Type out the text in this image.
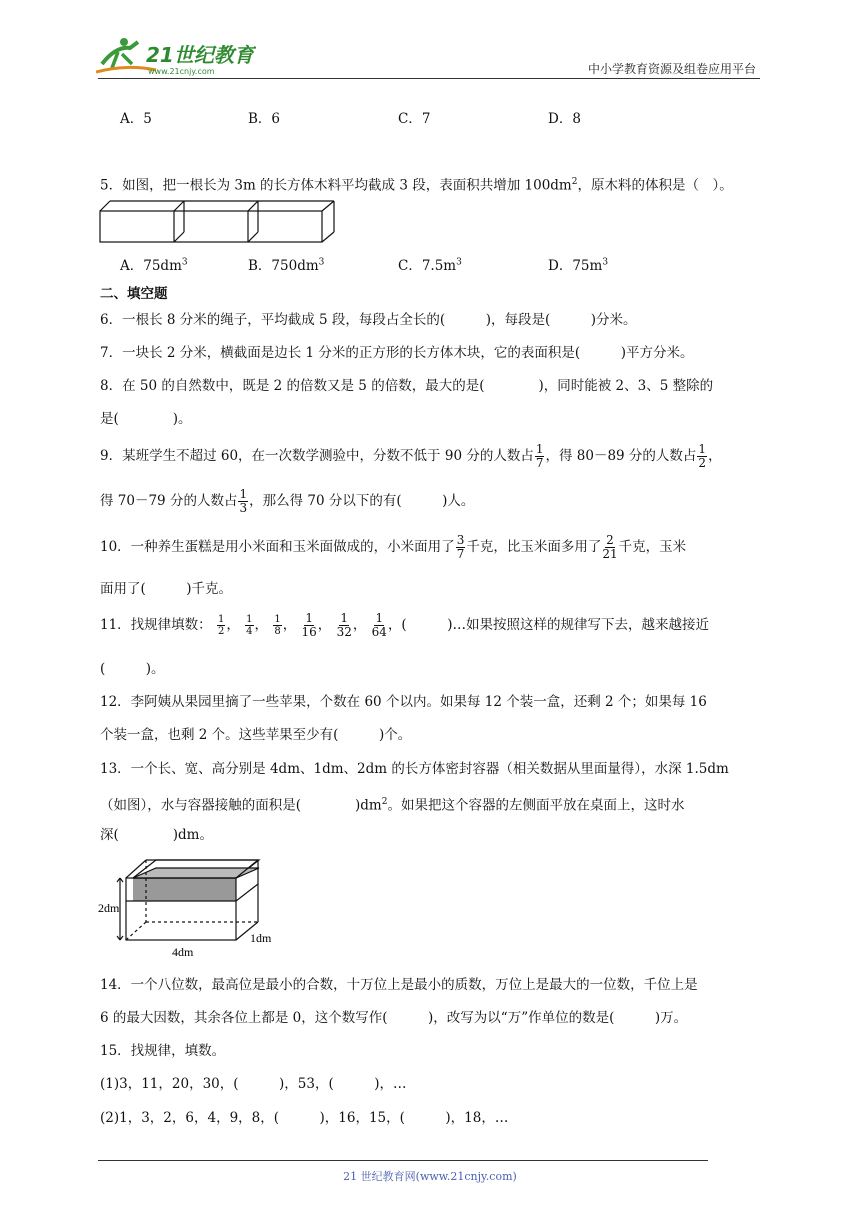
21世纪教育
www.21cnjy.com	中小学教育资源及组卷应用平台
A．5	B．6	C．7	D．8
5．如图，把一根长为 3m 的长方体木料平均截成 3 段，表面积共增加 $100dm^2$，原木料的体积是（　）。
A．$75dm^3$	B．$750dm^3$	C．$7.5m^3$	D．$75m^3$
二、填空题
6．一根长 8 分米的绳子，平均截成 5 段，每段占全长的(　　　)，每段是(　　　)分米。
7．一块长 2 分米，横截面是边长 1 分米的正方形的长方体木块，它的表面积是(　　　)平方分米。
8．在 50 的自然数中，既是 2 的倍数又是 5 的倍数，最大的是(　　　　)，同时能被 2、3、5 整除的
是(　　　　)。
9．某班学生不超过 60，在一次数学测验中，分数不低于 90 分的人数占 $\frac{1}{7}$ ，得 80－89 分的人数占 $\frac{1}{2}$ ，
得 70－79 分的人数占 $\frac{1}{3}$ ，那么得 70 分以下的有(　　　)人。
10．一种养生蛋糕是用小米面和玉米面做成的，小米面用了 $\frac{3}{7}$ 千克，比玉米面多用了 $\frac{2}{21}$ 千克，玉米
面用了(　　　)千克。
11．找规律填数： $\frac{1}{2}$ ， $\frac{1}{4}$ ， $\frac{1}{8}$ ， $\frac{1}{16}$ ， $\frac{1}{32}$ ， $\frac{1}{64}$ ，(　　　)…如果按照这样的规律写下去，越来越接近
(　　　)。
12．李阿姨从果园里摘了一些苹果，个数在 60 个以内。如果每 12 个装一盒，还剩 2 个；如果每 16
个装一盒，也剩 2 个。这些苹果至少有(　　　)个。
13．一个长、宽、高分别是 4dm、1dm、2dm 的长方体密封容器（相关数据从里面量得），水深 1.5dm
（如图），水与容器接触的面积是(　　　　)$dm^2$。如果把这个容器的左侧面平放在桌面上，这时水
深(　　　　)dm。
2dm
4dm
1dm
14．一个八位数，最高位是最小的合数，十万位上是最小的质数，万位上是最大的一位数，千位上是
6 的最大因数，其余各位上都是 0，这个数写作(　　　)，改写为以“万”作单位的数是(　　　)万。
15．找规律，填数。
(1)3，11，20，30，(　　　)，53，(　　　)，…
(2)1，3，2，6，4，9，8，(　　　)，16，15，(　　　)，18，…
21 世纪教育网(www.21cnjy.com)
